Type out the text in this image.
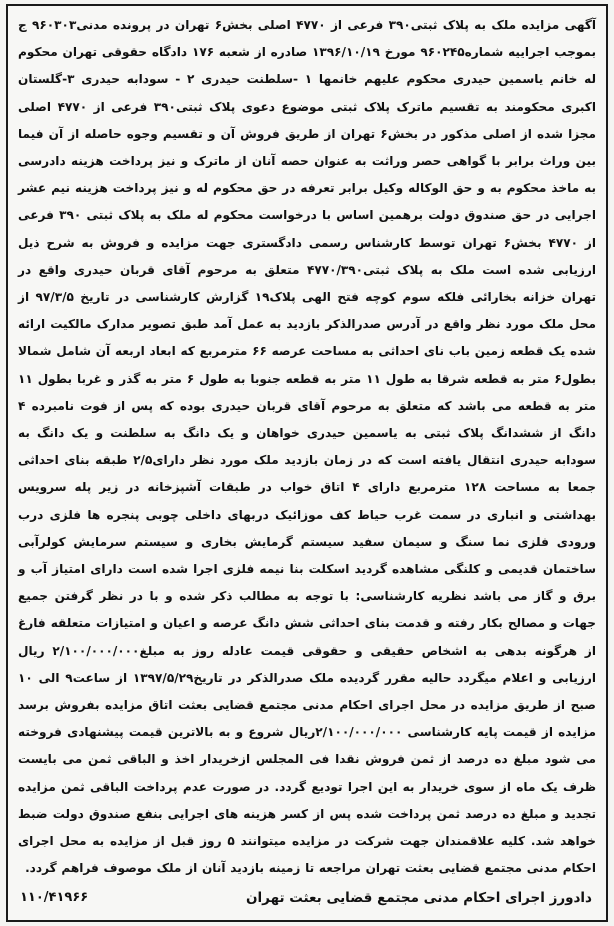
آگهی مزایده ملک به پلاک ثبتی۳۹۰ فرعی از ۴۷۷۰ اصلی بخش۶ تهران در پرونده مدنی۹۶۰۳۰۳ ج بموجب اجراییه شماره۹۶۰۲۴۵ مورخ ۱۳۹۶/۱۰/۱۹ صادره از شعبه ۱۷۶ دادگاه حقوقی تهران محکوم له خانم یاسمین حیدری محکوم علیهم خانمها ۱ -سلطنت حیدری ۲ - سودابه حیدری ۳-گلستان اکبری محکومند به تقسیم ماترک پلاک ثبتی موضوع دعوی پلاک ثبتی۳۹۰ فرعی از ۴۷۷۰ اصلی مجزا شده از اصلی مذکور در بخش۶ تهران از طریق فروش آن و تقسیم وجوه حاصله از آن فیما بین وراث برابر با گواهی حصر وراثت به عنوان حصه آنان از ماترک و نیز پرداخت هزینه دادرسی به ماخذ محکوم به و حق الوکاله وکیل برابر تعرفه در حق محکوم له و نیز پرداخت هزینه نیم عشر اجرایی در حق صندوق دولت برهمین اساس با درخواست محکوم له ملک به پلاک ثبتی ۳۹۰ فرعی از ۴۷۷۰ بخش۶ تهران توسط کارشناس رسمی دادگستری جهت مزایده و فروش به شرح ذیل ارزیابی شده است ملک به پلاک ثبتی۴۷۷۰/۳۹۰ متعلق به مرحوم آقای قربان حیدری واقع در تهران خزانه بخارائی فلکه سوم کوچه فتح الهی پلاک۱۹ گزارش کارشناسی در تاریخ ۹۷/۳/۵ از محل ملک مورد نظر واقع در آدرس صدرالذکر بازدید به عمل آمد طبق تصویر مدارک مالکیت ارائه شده یک قطعه زمین باب نای احداثی به مساحت عرصه ۶۶ مترمربع که ابعاد اربعه آن شامل شمالا بطول۶ متر به قطعه شرقا به طول ۱۱ متر به قطعه جنوبا به طول ۶ متر به گذر و غربا بطول ۱۱ متر به قطعه می باشد که متعلق به مرحوم آقای قربان حیدری بوده که پس از فوت نامبرده ۴ دانگ از ششدانگ پلاک ثبتی به یاسمین حیدری خواهان و یک دانگ به سلطنت و یک دانگ به سودابه حیدری انتقال یافته است که در زمان بازدید ملک مورد نظر دارای۲/۵ طبقه بنای احداثی جمعا به مساحت ۱۲۸ مترمربع دارای ۴ اتاق خواب در طبقات آشپزخانه در زیر پله سرویس بهداشتی و انباری در سمت غرب حیاط کف موزائیک دربهای داخلی چوبی پنجره ها فلزی درب ورودی فلزی نما سنگ و سیمان سفید سیستم گرمایش بخاری و سیستم سرمایش کولرآبی ساختمان قدیمی و کلنگی مشاهده گردید اسکلت بنا نیمه فلزی اجرا شده است دارای امتیاز آب و برق و گاز می باشد نظریه کارشناسی: با توجه به مطالب ذکر شده و با در نظر گرفتن جمیع جهات و مصالح بکار رفته و قدمت بنای احداثی شش دانگ عرصه و اعیان و امتیازات متعلقه فارغ از هرگونه بدهی به اشخاص حقیقی و حقوقی قیمت عادله روز به مبلغ۲/۱۰۰/۰۰۰/۰۰۰ ریال ارزیابی و اعلام میگردد حالیه مقرر گردیده ملک صدرالذکر در تاریخ۱۳۹۷/۵/۲۹ از ساعت۹ الی ۱۰ صبح از طریق مزایده در محل اجرای احکام مدنی مجتمع قضایی بعثت اتاق مزایده بفروش برسد مزایده از قیمت پایه کارشناسی ۲/۱۰۰/۰۰۰/۰۰۰ریال شروع و به بالاترین قیمت پیشنهادی فروخته می شود مبلغ ده درصد از ثمن فروش نقدا فی المجلس ازخریدار اخذ و الباقی ثمن می بایست ظرف یک ماه از سوی خریدار به این اجرا تودیع گردد. در صورت عدم پرداخت الباقی ثمن مزایده تجدید و مبلغ ده درصد ثمن پرداخت شده پس از کسر هزینه های اجرایی بنفع صندوق دولت ضبط خواهد شد. کلیه علاقمندان جهت شرکت در مزایده میتوانند ۵ روز قبل از مزایده به محل اجرای احکام مدنی مجتمع قضایی بعثت تهران مراجعه تا زمینه بازدید آنان از ملک موصوف فراهم گردد.

دادورز اجرای احکام مدنی مجتمع قضایی بعثت تهران
۱۱۰/۴۱۹۶۶
